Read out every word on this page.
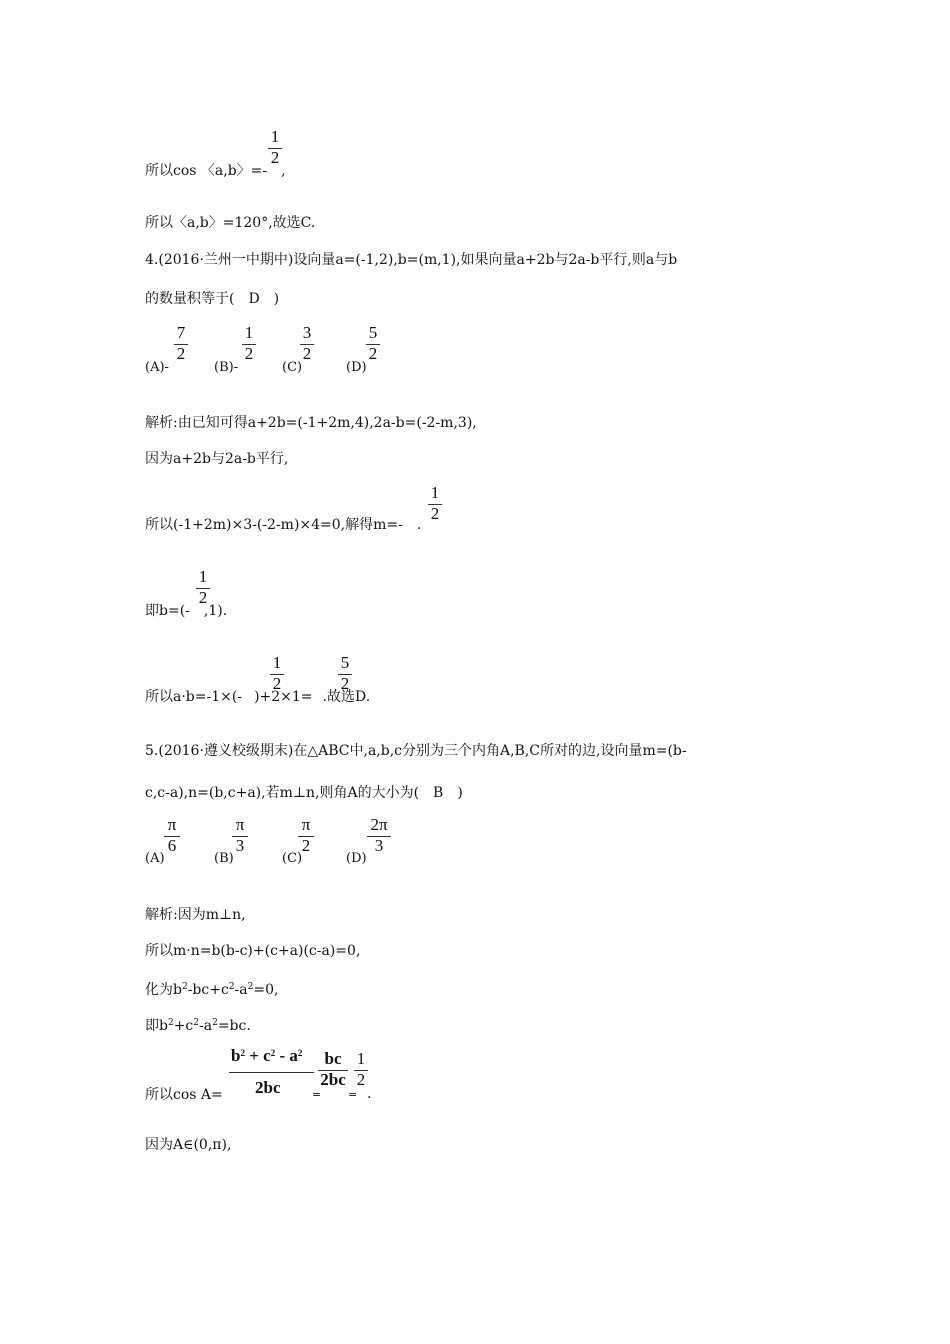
1
2
所以cos 〈a,b〉=- ,
所以〈a,b〉=120°,故选C.
4.(2016·兰州一中期中)设向量a=(-1,2),b=(m,1),如果向量a+2b与2a-b平行,则a与b
的数量积等于(　D　)
(A)-
7
2
(B)-
1
2
(C)
3
2
(D)
5
2
解析:由已知可得a+2b=(-1+2m,4),2a-b=(-2-m,3),
因为a+2b与2a-b平行,
1
2
所以(-1+2m)×3-(-2-m)×4=0,解得m=- .
1
2
即b=(- ,1).
1
2
5
2
所以a·b=-1×(- )+2×1= .故选D.
5.(2016·遵义校级期末)在△ABC中,a,b,c分别为三个内角A,B,C所对的边,设向量m=(b-
c,c-a),n=(b,c+a),若m⊥n,则角A的大小为(　B　)
(A)
π
6
(B)
π
3
(C)
π
2
(D)
2π
3
解析:因为m⊥n,
所以m·n=b(b-c)+(c+a)(c-a)=0,
化为$b^2-bc+c^2-a^2=0$,
即$b^2+c^2-a^2=bc$.
$b^2 + c^2 - a^2$
2bc
bc
2bc
1
2
所以cos A=	= = .
因为A∈(0,π),
